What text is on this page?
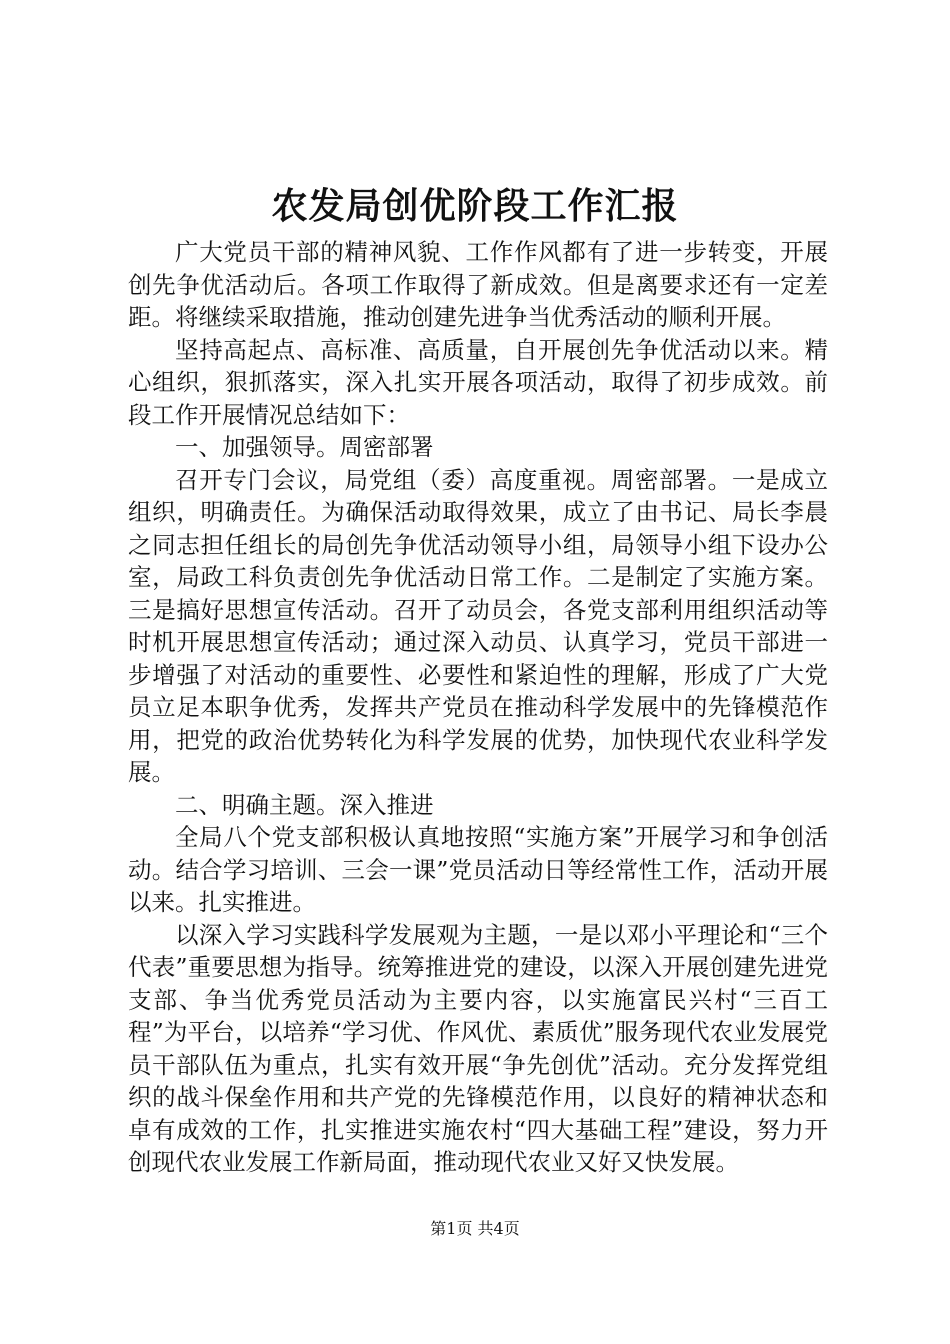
农发局创优阶段工作汇报

广大党员干部的精神风貌、工作作风都有了进一步转变，开展创先争优活动后。各项工作取得了新成效。但是离要求还有一定差距。将继续采取措施，推动创建先进争当优秀活动的顺利开展。

坚持高起点、高标准、高质量，自开展创先争优活动以来。精心组织，狠抓落实，深入扎实开展各项活动，取得了初步成效。前段工作开展情况总结如下：

一、加强领导。周密部署

召开专门会议，局党组（委）高度重视。周密部署。一是成立组织，明确责任。为确保活动取得效果，成立了由书记、局长李晨之同志担任组长的局创先争优活动领导小组，局领导小组下设办公室，局政工科负责创先争优活动日常工作。二是制定了实施方案。三是搞好思想宣传活动。召开了动员会，各党支部利用组织活动等时机开展思想宣传活动；通过深入动员、认真学习，党员干部进一步增强了对活动的重要性、必要性和紧迫性的理解，形成了广大党员立足本职争优秀，发挥共产党员在推动科学发展中的先锋模范作用，把党的政治优势转化为科学发展的优势，加快现代农业科学发展。

二、明确主题。深入推进

全局八个党支部积极认真地按照“实施方案”开展学习和争创活动。结合学习培训、三会一课”党员活动日等经常性工作，活动开展以来。扎实推进。

以深入学习实践科学发展观为主题，一是以邓小平理论和“三个代表”重要思想为指导。统筹推进党的建设，以深入开展创建先进党支部、争当优秀党员活动为主要内容，以实施富民兴村“三百工程”为平台，以培养“学习优、作风优、素质优”服务现代农业发展党员干部队伍为重点，扎实有效开展“争先创优”活动。充分发挥党组织的战斗保垒作用和共产党的先锋模范作用，以良好的精神状态和卓有成效的工作，扎实推进实施农村“四大基础工程”建设，努力开创现代农业发展工作新局面，推动现代农业又好又快发展。

第1页 共4页
